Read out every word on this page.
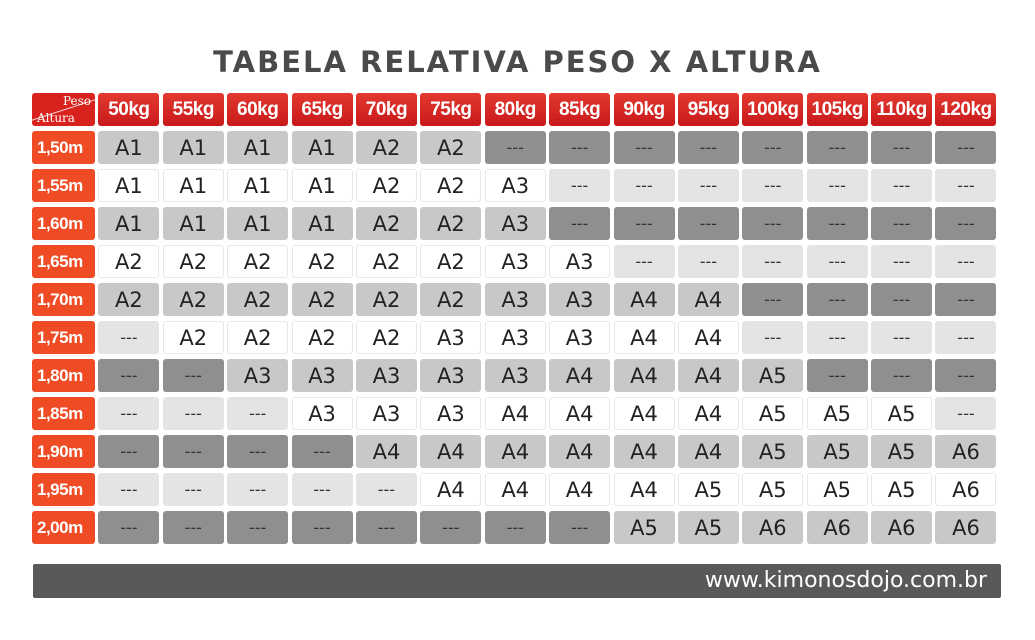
TABELA RELATIVA PESO X ALTURA
Peso
Altura	50kg	55kg	60kg	65kg	70kg	75kg	80kg	85kg	90kg	95kg 100kg 105kg 110kg 120kg
1,50m	A1	A1	A1	A1	A2	A2	---	---	---	---	---	---	---	---
1,55m	A1	A1	A1	A1	A2	A2	A3	---	---	---	---	---	---	---
1,60m	A1	A1	A1	A1	A2	A2	A3	---	---	---	---	---	---	---
1,65m	A2	A2	A2	A2	A2	A2	A3	A3	---	---	---	---	---	---
1,70m	A2	A2	A2	A2	A2	A2	A3	A3	A4	A4	---	---	---	---
1,75m	---	A2	A2	A2	A2	A3	A3	A3	A4	A4	---	---	---	---
1,80m	---	---	A3	A3	A3	A3	A3	A4	A4	A4	A5	---	---	---
1,85m	---	---	---	A3	A3	A3	A4	A4	A4	A4	A5	A5	A5	---
1,90m	---	---	---	---	A4	A4	A4	A4	A4	A4	A5	A5	A5	A6
1,95m	---	---	---	---	---	A4	A4	A4	A4	A5	A5	A5	A5	A6
2,00m	---	---	---	---	---	---	---	---	A5	A5	A6	A6	A6	A6
www.kimonosdojo.com.br
